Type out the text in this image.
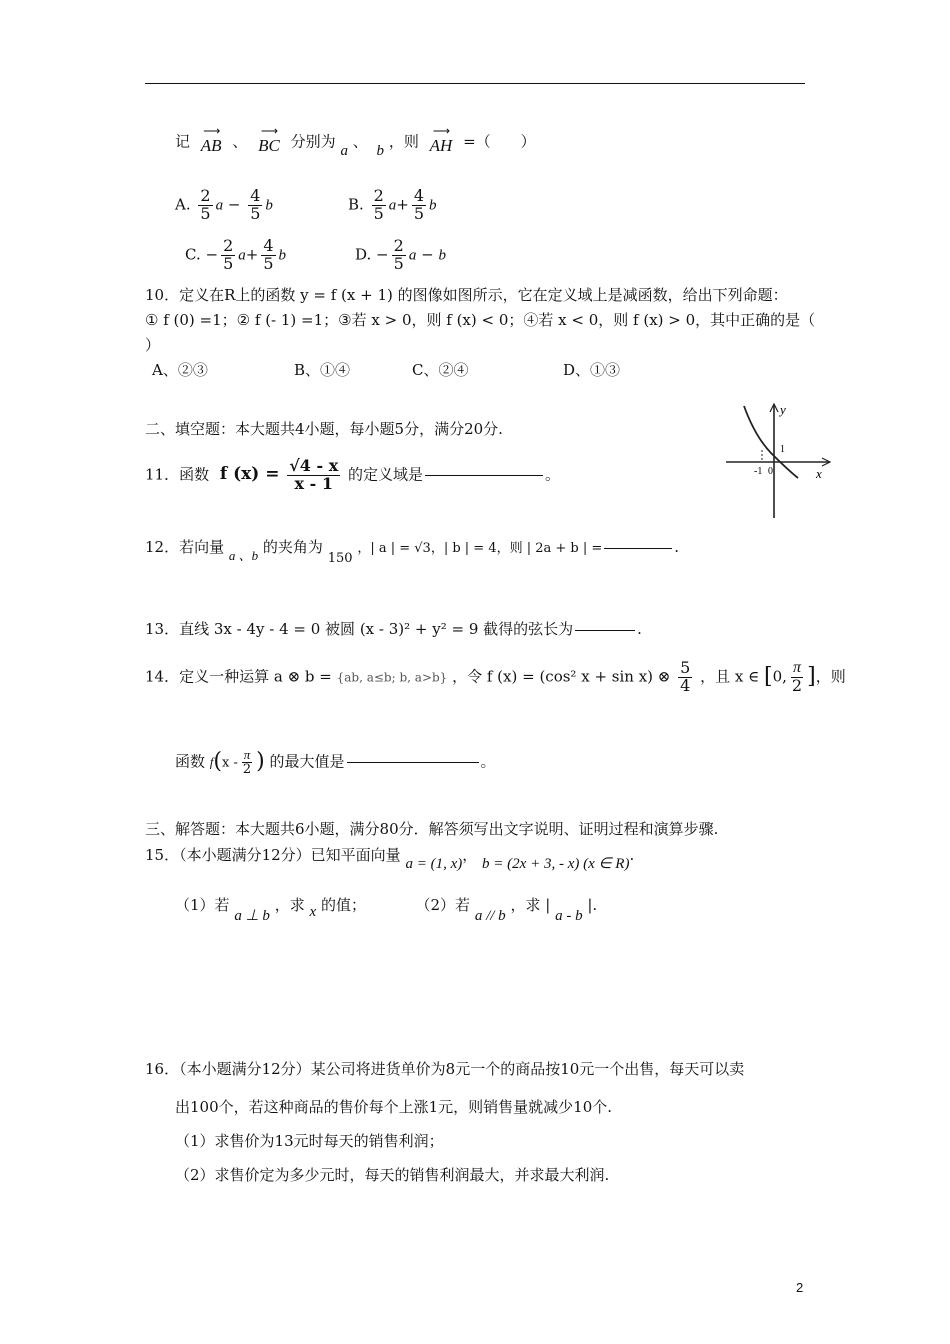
记
⟶
AB 、
⟶
BC 分别为 a 、 b ，则
⟶
AH =（　　）
A. $\frac{2}{5}$ $a - \frac{4}{5}$ b	B. $\frac{2}{5} a+ \frac{4}{5}$ b
C. − $\frac{2}{5} a+ \frac{4}{5}$ b	D. − $\frac{2}{5}$ a − b
10．定义在R上的函数 y = f (x + 1) 的图像如图所示，它在定义域上是减函数，给出下列命题：
① f (0) =1；② f (- 1) =1；③若 x > 0，则 f (x) < 0；④若 x < 0，则 f (x) > 0，其中正确的是（
）
A、②③	B、①④	C、②④	D、①③
y
x
1
-1 0
二、填空题：本大题共4小题，每小题5分，满分20分.
11．函数 f $(x) = \frac{√4 - x}{x - 1}$ 的定义域是	。
12．若向量 a 、b 的夹角为 150 ，| a | = √3，| b | = 4，则 | 2a + b | =	.
13．直线 3x - 4y - 4 = 0 被圆 (x - 3)² + y² = 9 截得的弦长为	.
14．定义一种运算 a ⊗ b = {ab, a≤b; b, a>b} ，令 f (x) = (cos² x + sin x) ⊗ $\frac{5}{4}$ ，且 x ∈ [0, $\frac{\pi}{2}$ ]，则
函数 $f(x - \frac{\pi}{2}$ ) 的最大值是	。
三、解答题：本大题共6小题，满分80分．解答须写出文字说明、证明过程和演算步骤.
15．（本小题满分12分）已知平面向量 a = (1, x)， b = (2x + 3, - x) (x ∈ R).
（1）若 a ⊥ b ，求 x 的值；	（2）若 a // b ，求 | a - b |.
16．（本小题满分12分）某公司将进货单价为8元一个的商品按10元一个出售，每天可以卖
出100个，若这种商品的售价每个上涨1元，则销售量就减少10个.
（1）求售价为13元时每天的销售利润；
（2）求售价定为多少元时，每天的销售利润最大，并求最大利润.
2
